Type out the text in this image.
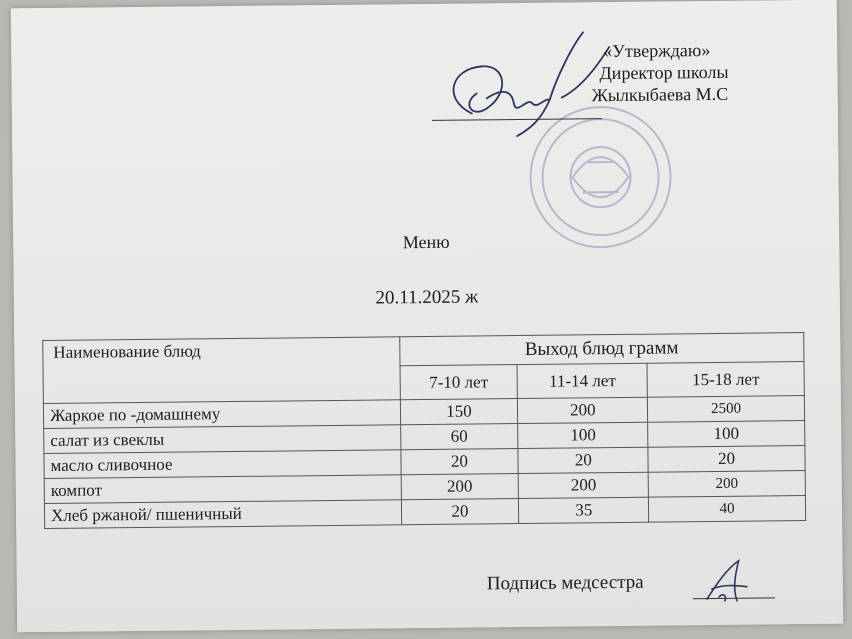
«Утверждаю»
Директор школы
Жылкыбаева М.С
Меню
20.11.2025 ж
Наименование блюд	Выход блюд грамм		
	7-10 лет	11-14 лет	15-18 лет
Жаркое по -домашнему	150	200	2500
салат из свеклы	60	100	100
масло сливочное	20	20	20
компот	200	200	200
Хлеб ржаной/ пшеничный	20	35	40
Подпись медсестра
